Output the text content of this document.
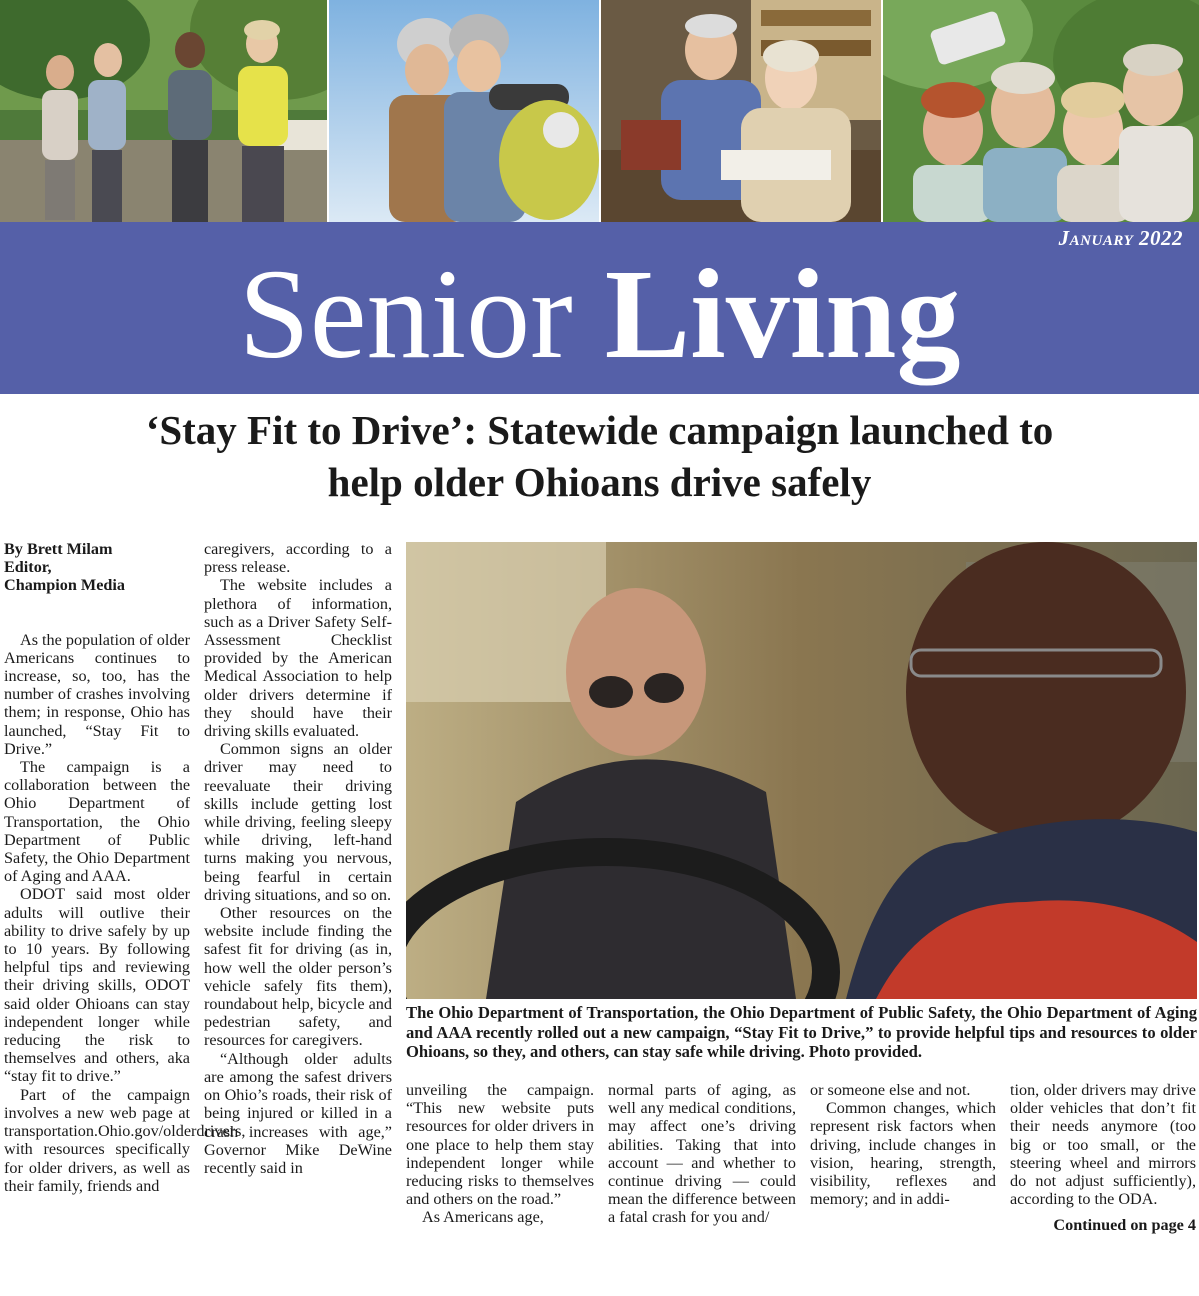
January 2022
Senior Living
‘Stay Fit to Drive’: Statewide campaign launched to
help older Ohioans drive safely
By Brett Milam
Editor,
Champion Media

As the population of older Americans continues to increase, so, too, has the number of crashes involving them; in response, Ohio has launched, “Stay Fit to Drive.”

The campaign is a collaboration between the Ohio Department of Transportation, the Ohio Department of Public Safety, the Ohio Department of Aging and AAA.

ODOT said most older adults will outlive their ability to drive safely by up to 10 years. By following helpful tips and reviewing their driving skills, ODOT said older Ohioans can stay independent longer while reducing the risk to themselves and others, aka “stay fit to drive.”

Part of the campaign involves a new web page at transportation.Ohio.gov/olderdrivers, with resources specifically for older drivers, as well as their family, friends and

caregivers, according to a press release.

The website includes a plethora of information, such as a Driver Safety Self-Assessment Checklist provided by the American Medical Association to help older drivers determine if they should have their driving skills evaluated.

Common signs an older driver may need to reevaluate their driving skills include getting lost while driving, feeling sleepy while driving, left-hand turns making you nervous, being fearful in certain driving situations, and so on.

Other resources on the website include finding the safest fit for driving (as in, how well the older person’s vehicle safely fits them), roundabout help, bicycle and pedestrian safety, and resources for caregivers.

“Although older adults are among the safest drivers on Ohio’s roads, their risk of being injured or killed in a crash increases with age,” Governor Mike DeWine recently said in

The Ohio Department of Transportation, the Ohio Department of Public Safety, the Ohio Department of Aging and AAA recently rolled out a new campaign, “Stay Fit to Drive,” to provide helpful tips and resources to older Ohioans, so they, and others, can stay safe while driving. Photo provided.

unveiling the campaign. “This new website puts resources for older drivers in one place to help them stay independent longer while reducing risks to themselves and others on the road.”

As Americans age,

normal parts of aging, as well any medical conditions, may affect one’s driving abilities. Taking that into account — and whether to continue driving — could mean the difference between a fatal crash for you and/

or someone else and not.

Common changes, which represent risk factors when driving, include changes in vision, hearing, strength, visibility, reflexes and memory; and in addi-

tion, older drivers may drive older vehicles that don’t fit their needs anymore (too big or too small, or the steering wheel and mirrors do not adjust sufficiently), according to the ODA.

Continued on page 4
